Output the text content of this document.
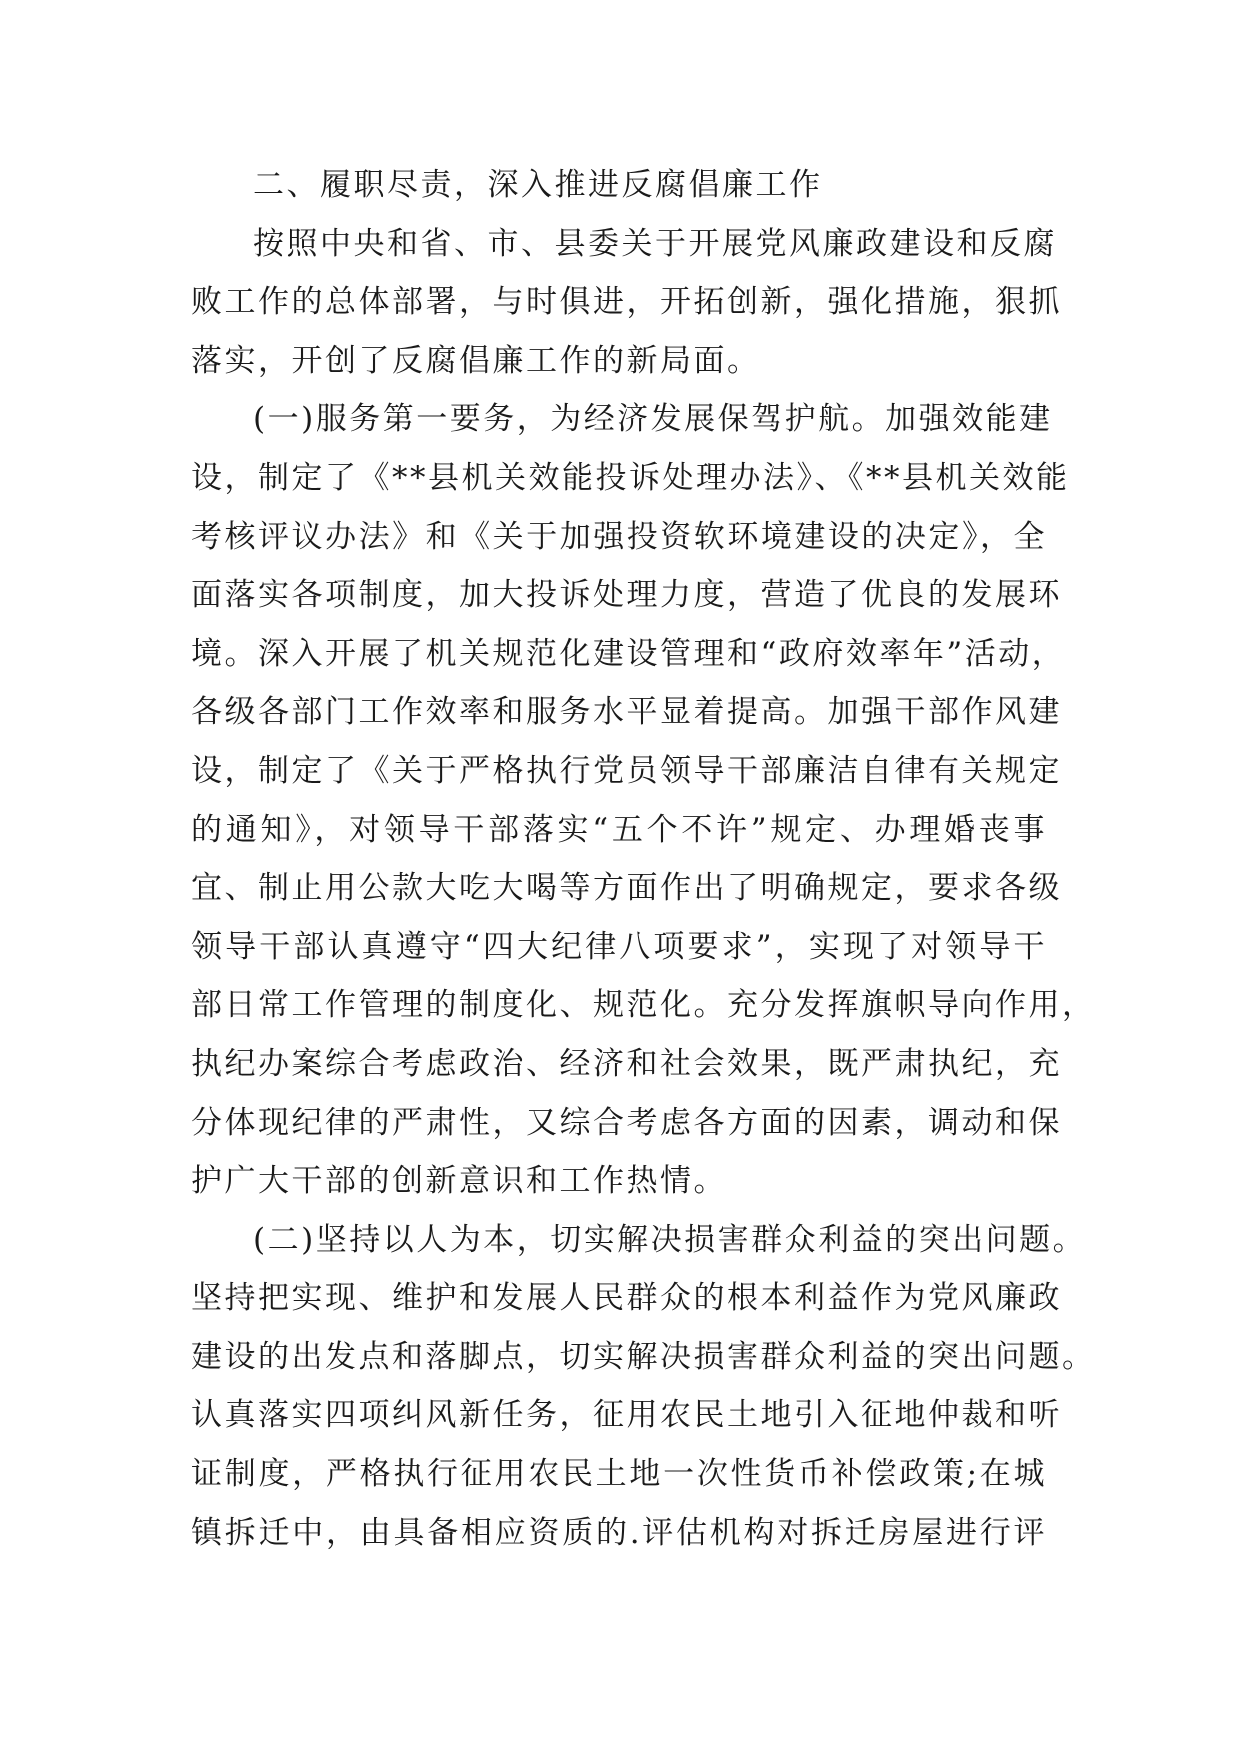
二、履职尽责，深入推进反腐倡廉工作
按照中央和省、市、县委关于开展党风廉政建设和反腐
败工作的总体部署，与时俱进，开拓创新，强化措施，狠抓
落实，开创了反腐倡廉工作的新局面。
(一)服务第一要务，为经济发展保驾护航。加强效能建
设，制定了《**县机关效能投诉处理办法》、《**县机关效能
考核评议办法》和《关于加强投资软环境建设的决定》，全
面落实各项制度，加大投诉处理力度，营造了优良的发展环
境。深入开展了机关规范化建设管理和“政府效率年”活动，
各级各部门工作效率和服务水平显着提高。加强干部作风建
设，制定了《关于严格执行党员领导干部廉洁自律有关规定
的通知》，对领导干部落实“五个不许”规定、办理婚丧事
宜、制止用公款大吃大喝等方面作出了明确规定，要求各级
领导干部认真遵守“四大纪律八项要求”，实现了对领导干
部日常工作管理的制度化、规范化。充分发挥旗帜导向作用，
执纪办案综合考虑政治、经济和社会效果，既严肃执纪，充
分体现纪律的严肃性，又综合考虑各方面的因素，调动和保
护广大干部的创新意识和工作热情。
(二)坚持以人为本，切实解决损害群众利益的突出问题。
坚持把实现、维护和发展人民群众的根本利益作为党风廉政
建设的出发点和落脚点，切实解决损害群众利益的突出问题。
认真落实四项纠风新任务，征用农民土地引入征地仲裁和听
证制度，严格执行征用农民土地一次性货币补偿政策;在城
镇拆迁中，由具备相应资质的.评估机构对拆迁房屋进行评
